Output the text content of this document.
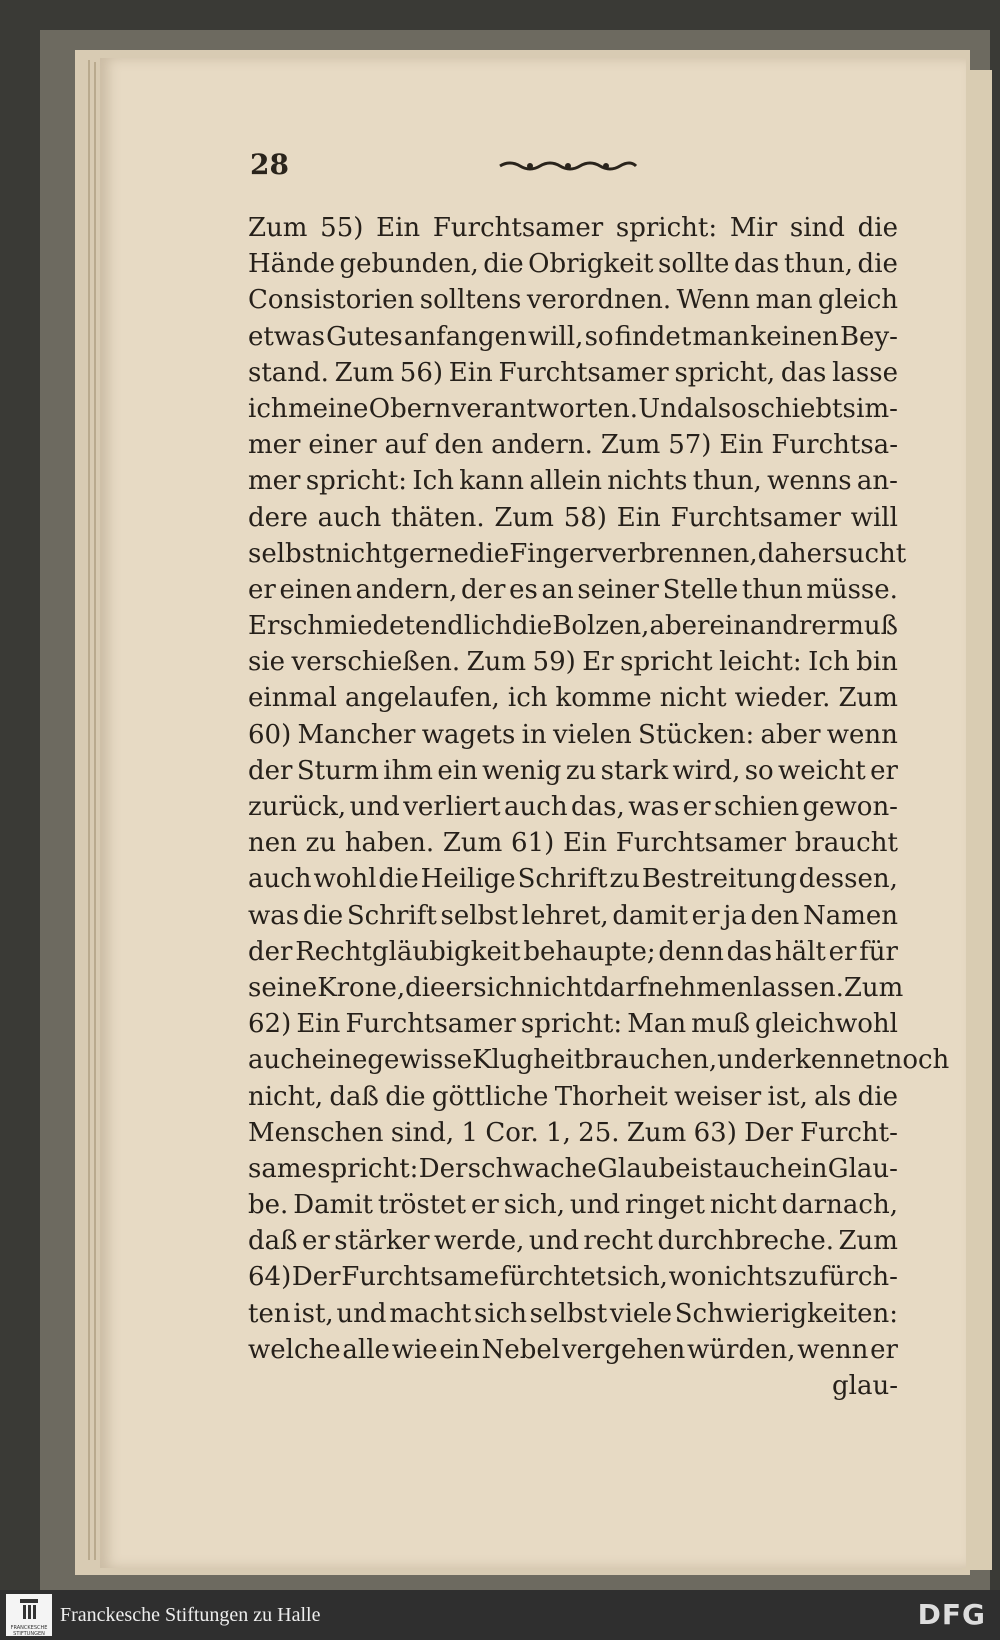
28
Zum 55) Ein Furchtsamer spricht: Mir sind die
Hände gebunden, die Obrigkeit sollte das thun, die
Consistorien solltens verordnen. Wenn man gleich
etwas Gutes anfangen will, so findet man keinen Bey-
stand. Zum 56) Ein Furchtsamer spricht, das lasse
ich meine Obern verantworten. Und also schiebts im-
mer einer auf den andern. Zum 57) Ein Furchtsa-
mer spricht: Ich kann allein nichts thun, wenns an-
dere auch thäten. Zum 58) Ein Furchtsamer will
selbst nicht gerne die Finger verbrennen, daher sucht
er einen andern, der es an seiner Stelle thun müsse.
Er schmiedet endlich die Bolzen, aber ein andrer muß
sie verschießen. Zum 59) Er spricht leicht: Ich bin
einmal angelaufen, ich komme nicht wieder. Zum
60) Mancher wagets in vielen Stücken: aber wenn
der Sturm ihm ein wenig zu stark wird, so weicht er
zurück, und verliert auch das, was er schien gewon-
nen zu haben. Zum 61) Ein Furchtsamer braucht
auch wohl die Heilige Schrift zu Bestreitung dessen,
was die Schrift selbst lehret, damit er ja den Namen
der Rechtgläubigkeit behaupte; denn das hält er für
seine Krone, die er sich nicht darf nehmen lassen. Zum
62) Ein Furchtsamer spricht: Man muß gleichwohl
auch eine gewisse Klugheit brauchen, und erkennet noch
nicht, daß die göttliche Thorheit weiser ist, als die
Menschen sind, 1 Cor. 1, 25. Zum 63) Der Furcht-
same spricht: Der schwache Glaube ist auch ein Glau-
be. Damit tröstet er sich, und ringet nicht darnach,
daß er stärker werde, und recht durchbreche. Zum
64) Der Furchtsame fürchtet sich, wo nichts zu fürch-
ten ist, und macht sich selbst viele Schwierigkeiten:
welche alle wie ein Nebel vergehen würden, wenn er
glau-
FRANCKESCHE
STIFTUNGEN
Franckesche Stiftungen zu Halle	DFG
